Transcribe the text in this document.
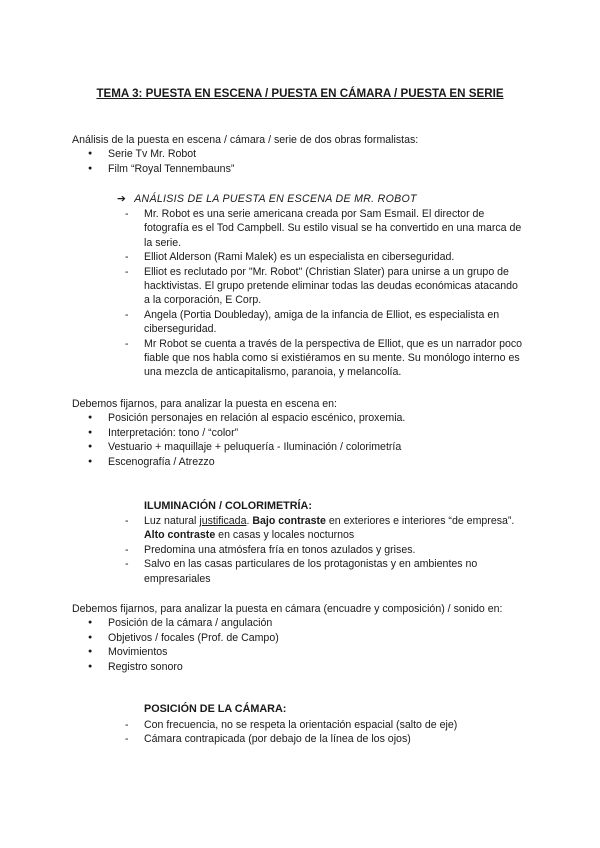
TEMA 3: PUESTA EN ESCENA / PUESTA EN CÁMARA / PUESTA EN SERIE

Análisis de la puesta en escena / cámara / serie de dos obras formalistas:

● Serie Tv Mr. Robot
● Film “Royal Tennembauns”
➔ ANÁLISIS DE LA PUESTA EN ESCENA DE MR. ROBOT
- Mr. Robot es una serie americana creada por Sam Esmail. El director de fotografía es el Tod Campbell. Su estilo visual se ha convertido en una marca de la serie.
- Elliot Alderson (Rami Malek) es un especialista en ciberseguridad.
- Elliot es reclutado por "Mr. Robot" (Christian Slater) para unirse a un grupo de hacktivistas. El grupo pretende eliminar todas las deudas económicas atacando a la corporación, E Corp.
- Angela (Portia Doubleday), amiga de la infancia de Elliot, es especialista en ciberseguridad.
- Mr Robot se cuenta a través de la perspectiva de Elliot, que es un narrador poco fiable que nos habla como si existiéramos en su mente. Su monólogo interno es una mezcla de anticapitalismo, paranoia, y melancolía.

Debemos fijarnos, para analizar la puesta en escena en:

● Posición personajes en relación al espacio escénico, proxemia.
● Interpretación: tono / “color”
● Vestuario + maquillaje + peluquería - Iluminación / colorimetría
● Escenografía / Atrezzo
ILUMINACIÓN / COLORIMETRÍA:
- Luz natural justificada. Bajo contraste en exteriores e interiores “de empresa”. Alto contraste en casas y locales nocturnos
- Predomina una atmósfera fría en tonos azulados y grises.
- Salvo en las casas particulares de los protagonistas y en ambientes no empresariales

Debemos fijarnos, para analizar la puesta en cámara (encuadre y composición) / sonido en:

● Posición de la cámara / angulación
● Objetivos / focales (Prof. de Campo)
● Movimientos
● Registro sonoro
POSICIÓN DE LA CÁMARA:
- Con frecuencia, no se respeta la orientación espacial (salto de eje)
- Cámara contrapicada (por debajo de la línea de los ojos)
